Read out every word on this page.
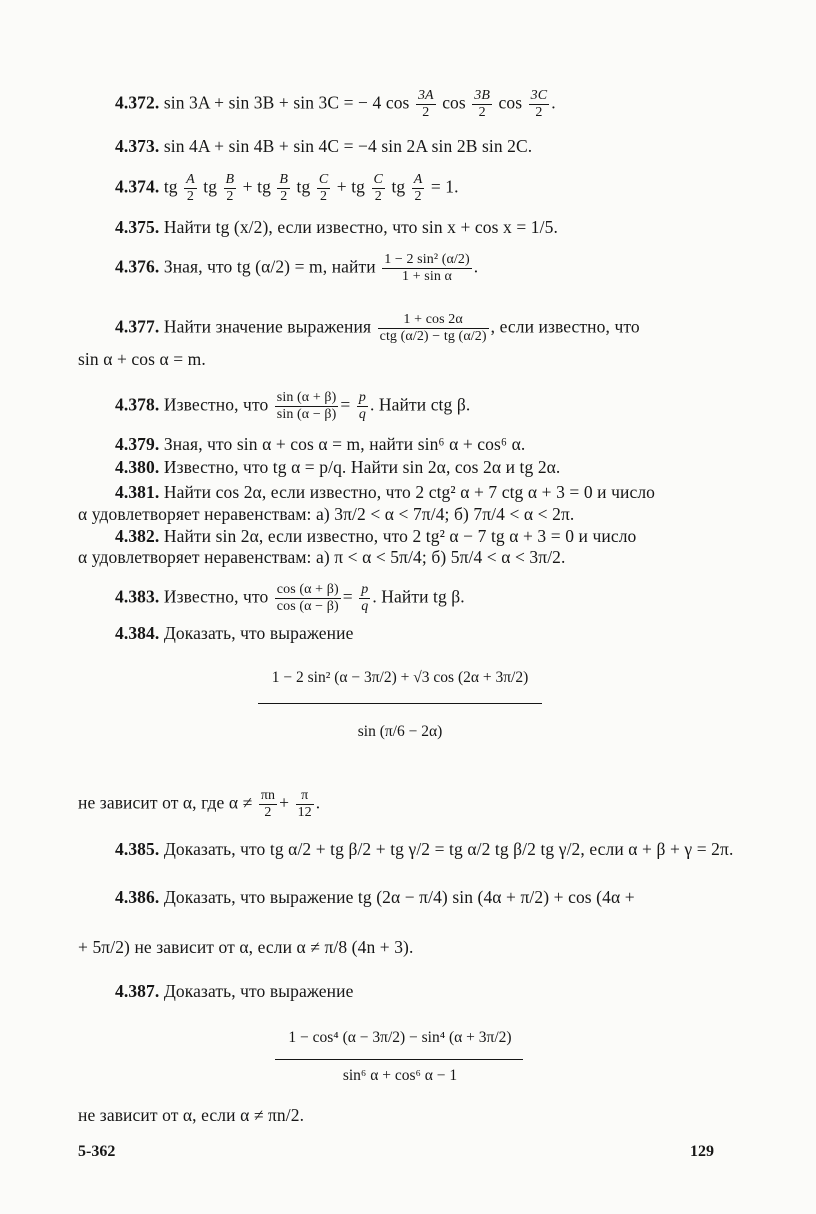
4.372. sin 3A + sin 3B + sin 3C = − 4 $\cos \frac{3A}{2}$ $\cos \frac{3B}{2}$ $\cos \frac{3C}{2}$ .
4.373. sin 4A + sin 4B + sin 4C = −4 sin 2A sin 2B sin 2C.
4.374. tg $\frac{A}{2}$ tg $\frac{B}{2}$ + tg $\frac{B}{2}$ tg $\frac{C}{2}$ + tg $\frac{C}{2}$ tg $\frac{A}{2} = 1$.
4.375. Найти tg (x/2), если известно, что sin x + cos x = 1/5.
4.376. Зная, что tg (α/2) = m, найти $\frac{\text{1 − 2 sin² (α/2)}}{\text{1 + sin α}}$ .
4.377. Найти значение выражения	1 + cos 2α
ctg (α/2) − tg (α/2) , если известно, что
sin α + cos α = m.
4.378. Известно, что $\frac{\sin (\alpha + \beta)}{\sin (\alpha - \beta)} = \frac{p}{q}$ . Найти ctg β.
4.379. Зная, что sin α + cos α = m, найти sin⁶ α + cos⁶ α.
4.380. Известно, что tg α = p/q. Найти sin 2α, cos 2α и tg 2α.
4.381. Найти cos 2α, если известно, что 2 ctg² α + 7 ctg α + 3 = 0 и число
α удовлетворяет неравенствам: а) 3π/2 < α < 7π/4; б) 7π/4 < α < 2π.
4.382. Найти sin 2α, если известно, что 2 tg² α − 7 tg α + 3 = 0 и число
α удовлетворяет неравенствам: а) π < α < 5π/4; б) 5π/4 < α < 3π/2.
4.383. Известно, что $\frac{\cos (\alpha + \beta)}{\cos (\alpha - \beta)} = \frac{p}{q}$ . Найти tg β.
4.384. Доказать, что выражение
1 − 2 sin² (α − 3π/2) + √3 cos (2α + 3π/2)
sin (π/6 − 2α)
не зависит от α, где $\alpha \ne \frac{\pi n}{2} + \frac{\pi}{12}$ .
4.385. Доказать, что tg α/2 + tg β/2 + tg γ/2 = tg α/2 tg β/2 tg γ/2, если α + β + γ = 2π.
4.386. Доказать, что выражение tg (2α − π/4) sin (4α + π/2) + cos (4α +
+ 5π/2) не зависит от α, если α ≠ π/8 (4n + 3).
4.387. Доказать, что выражение
1 − cos⁴ (α − 3π/2) − sin⁴ (α + 3π/2)
sin⁶ α + cos⁶ α − 1
не зависит от α, если α ≠ πn/2.
5-362	129
